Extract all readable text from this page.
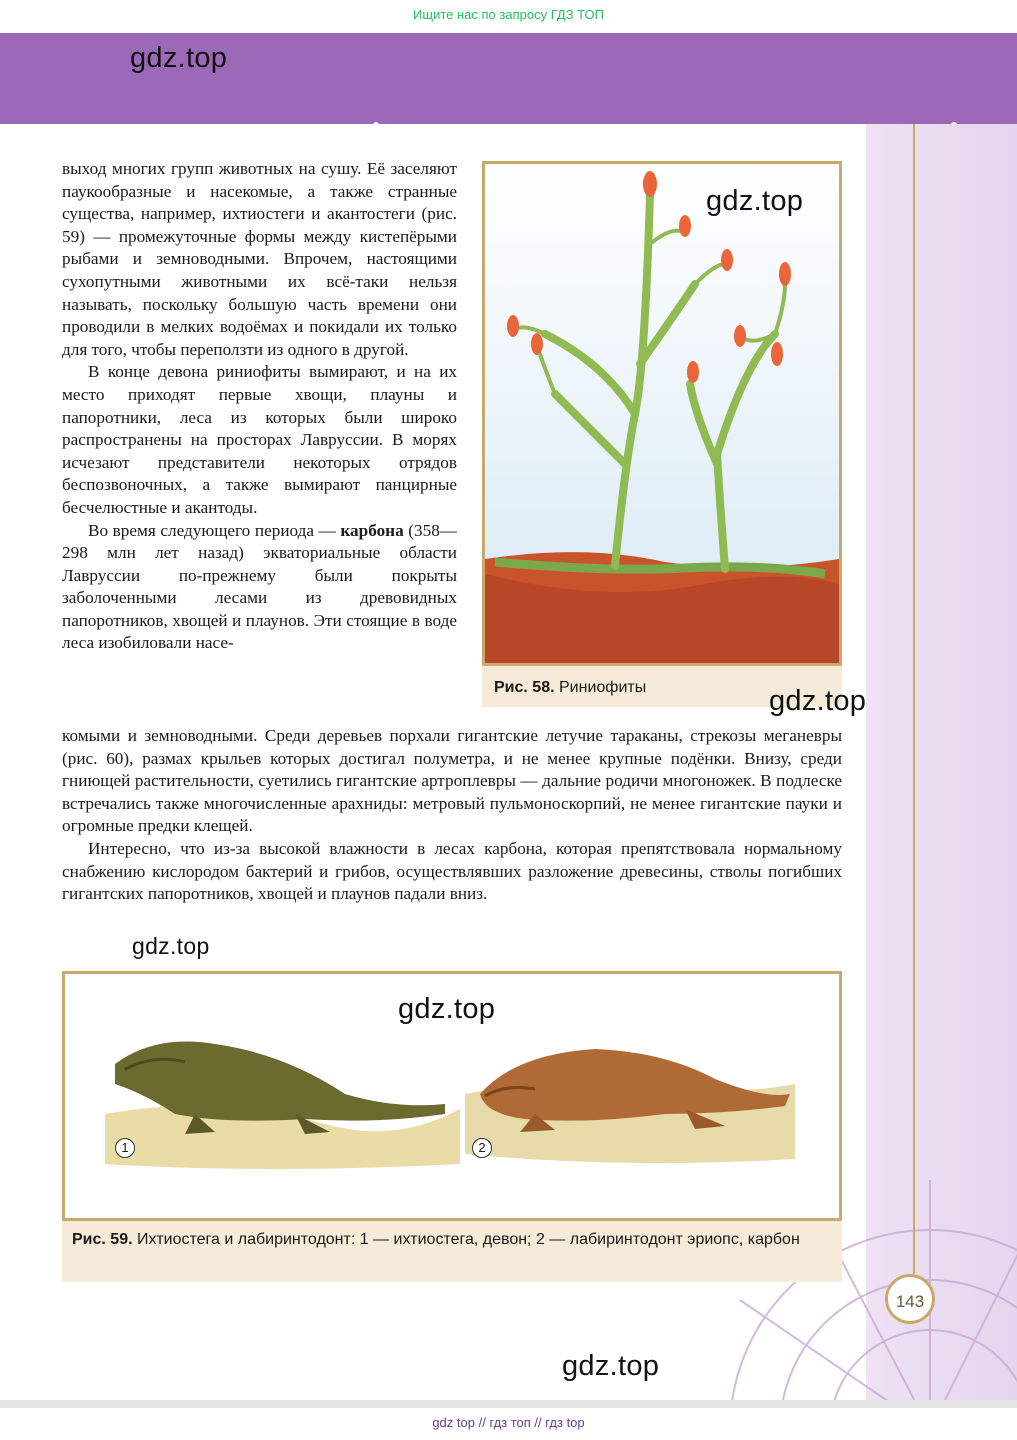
Ищите нас по запросу ГДЗ ТОП
143
gdz.top
gdz.top
gdz.top
gdz.top
gdz.top
gdz.top

выход многих групп животных на сушу. Её заселяют паукообразные и насекомые, а также странные существа, например, ихтиостеги и акантостеги (рис. 59) — промежуточные формы между кистепёрыми рыбами и земноводными. Впрочем, настоящими сухопутными животными их всё-таки нельзя называть, поскольку большую часть времени они проводили в мелких водоёмах и покидали их только для того, чтобы переползти из одного в другой.

В конце девона риниофиты вымирают, и на их место приходят первые хвощи, плауны и папоротники, леса из которых были широко распространены на просторах Лавруссии. В морях исчезают представители некоторых отрядов беспозвоночных, а также вымирают панцирные бесчелюстные и акантоды.

Во время следующего периода — карбона (358—298 млн лет назад) экваториальные области Лавруссии по-прежнему были покрыты заболоченными лесами из древовидных папоротников, хвощей и плаунов. Эти стоящие в воде леса изобиловали насе-

комыми и земноводными. Среди деревьев порхали гигантские летучие тараканы, стрекозы меганевры (рис. 60), размах крыльев которых достигал полуметра, и не менее крупные подёнки. Внизу, среди гниющей растительности, суетились гигантские артроплевры — дальние родичи многоножек. В подлеске встречались также многочисленные арахниды: метровый пульмоноскорпий, не менее гигантские пауки и огромные предки клещей.

Интересно, что из-за высокой влажности в лесах карбона, которая препятствовала нормальному снабжению кислородом бактерий и грибов, осуществлявших разложение древесины, стволы погибших гигантских папоротников, хвощей и плаунов падали вниз.

Рис. 58. Риниофиты
1	2
Рис. 59. Ихтиостега и лабиринтодонт: 1 — ихтиостега, девон; 2 — лабиринтодонт эриопс, карбон
gdz top // гдз топ // гдз top
